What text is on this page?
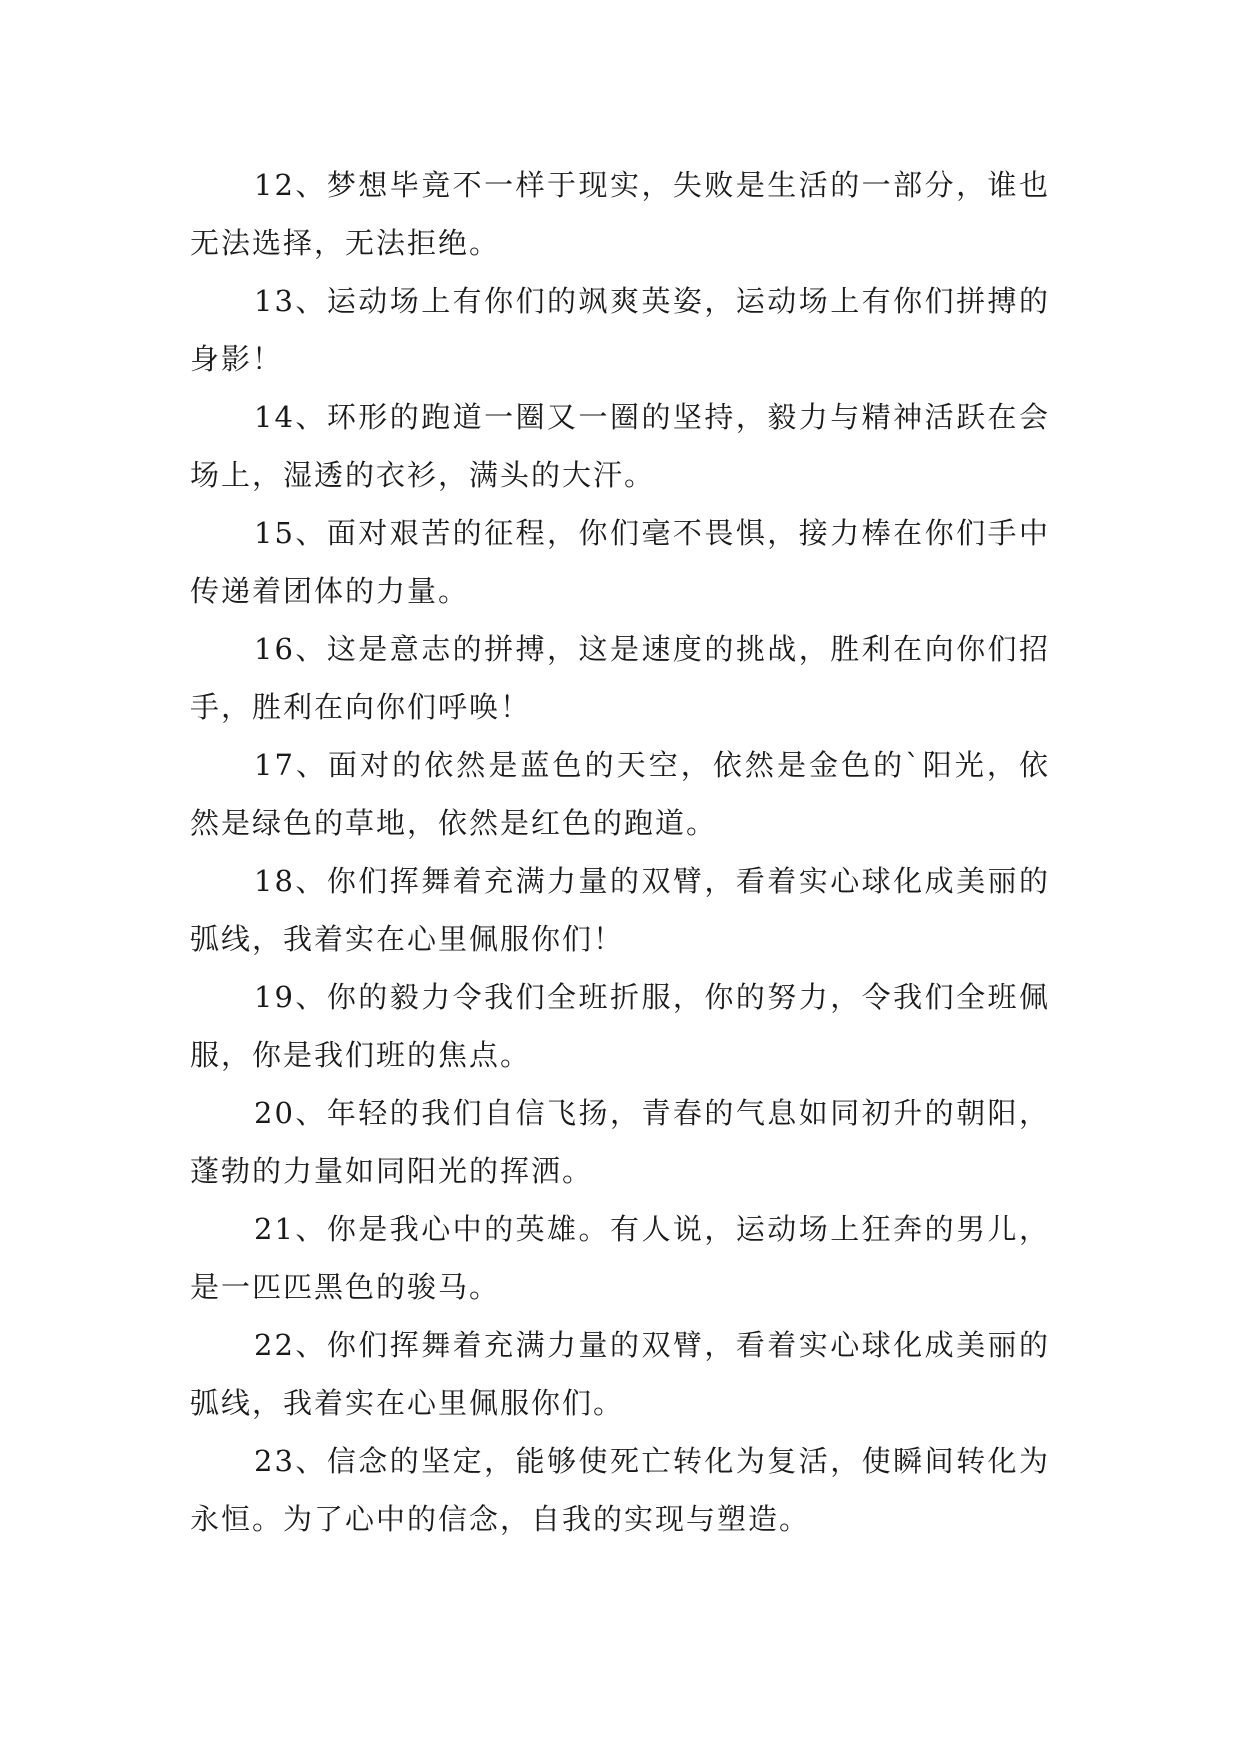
12、梦想毕竟不一样于现实，失败是生活的一部分，谁也无法选择，无法拒绝。

13、运动场上有你们的飒爽英姿，运动场上有你们拼搏的身影！

14、环形的跑道一圈又一圈的坚持，毅力与精神活跃在会场上，湿透的衣衫，满头的大汗。

15、面对艰苦的征程，你们毫不畏惧，接力棒在你们手中传递着团体的力量。

16、这是意志的拼搏，这是速度的挑战，胜利在向你们招手，胜利在向你们呼唤！

17、面对的依然是蓝色的天空，依然是金色的`阳光，依然是绿色的草地，依然是红色的跑道。

18、你们挥舞着充满力量的双臂，看着实心球化成美丽的弧线，我着实在心里佩服你们！

19、你的毅力令我们全班折服，你的努力，令我们全班佩服，你是我们班的焦点。

20、年轻的我们自信飞扬，青春的气息如同初升的朝阳，蓬勃的力量如同阳光的挥洒。

21、你是我心中的英雄。有人说，运动场上狂奔的男儿，是一匹匹黑色的骏马。

22、你们挥舞着充满力量的双臂，看着实心球化成美丽的弧线，我着实在心里佩服你们。

23、信念的坚定，能够使死亡转化为复活，使瞬间转化为永恒。为了心中的信念，自我的实现与塑造。
